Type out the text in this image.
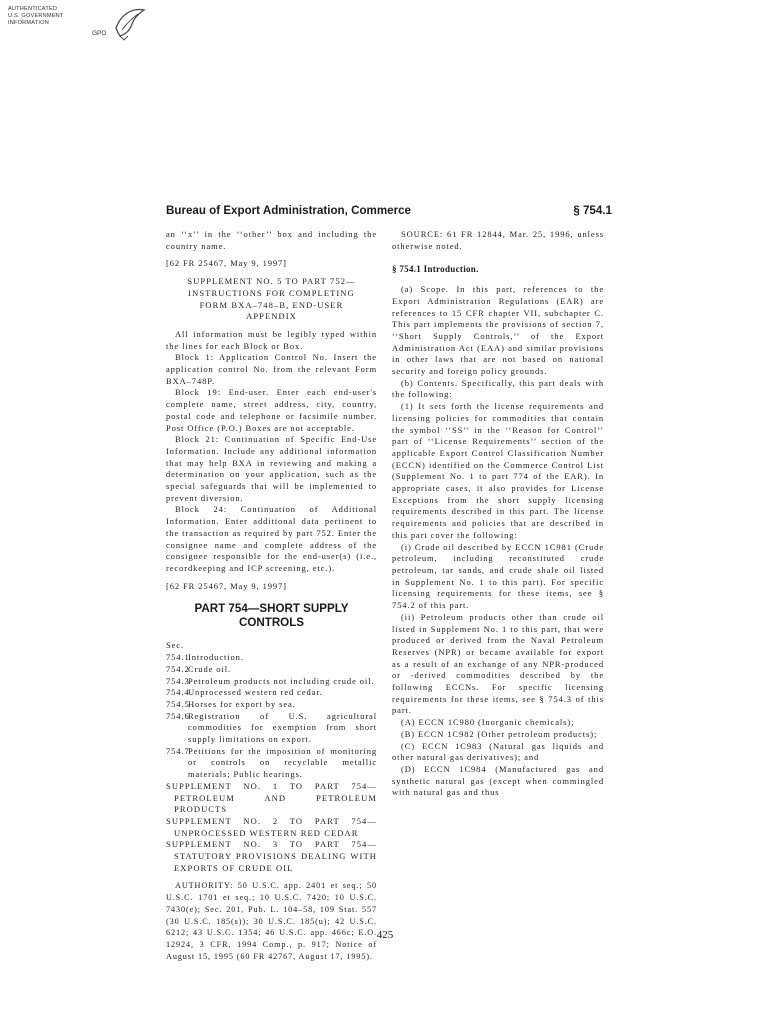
AUTHENTICATED
U.S. GOVERNMENT
INFORMATION
GPO
Bureau of Export Administration, Commerce	§ 754.1

an ‘‘x’’ in the ‘‘other’’ box and including the country name.

[62 FR 25467, May 9, 1997]

SUPPLEMENT NO. 5 TO PART 752—INSTRUCTIONS FOR COMPLETING FORM BXA–748–B, END-USER APPENDIX

All information must be legibly typed within the lines for each Block or Box.

Block 1: Application Control No. Insert the application control No. from the relevant Form BXA–748P.

Block 19: End-user. Enter each end-user's complete name, street address, city, country, postal code and telephone or facsimile number. Post Office (P.O.) Boxes are not acceptable.

Block 21: Continuation of Specific End-Use Information. Include any additional information that may help BXA in reviewing and making a determination on your application, such as the special safeguards that will be implemented to prevent diversion.

Block 24: Continuation of Additional Information. Enter additional data pertinent to the transaction as required by part 752. Enter the consignee name and complete address of the consignee responsible for the end-user(s) (i.e., recordkeeping and ICP screening, etc.).

[62 FR 25467, May 9, 1997]

PART 754—SHORT SUPPLY
CONTROLS

Sec.

754.1
Introduction.
754.2
Crude oil.
754.3
Petroleum products not including crude oil.
754.4
Unprocessed western red cedar.
754.5
Horses for export by sea.
754.6
Registration of U.S. agricultural commodities for exemption from short supply limitations on export.
754.7
Petitions for the imposition of monitoring or controls on recyclable metallic materials; Public hearings.

SUPPLEMENT NO. 1 TO PART 754—PETROLEUM AND PETROLEUM PRODUCTS

SUPPLEMENT NO. 2 TO PART 754—UNPROCESSED WESTERN RED CEDAR

SUPPLEMENT NO. 3 TO PART 754—STATUTORY PROVISIONS DEALING WITH EXPORTS OF CRUDE OIL

AUTHORITY: 50 U.S.C. app. 2401 et seq.; 50 U.S.C. 1701 et seq.; 10 U.S.C. 7420; 10 U.S.C. 7430(e); Sec. 201, Pub. L. 104–58, 109 Stat. 557 (30 U.S.C. 185(s)); 30 U.S.C. 185(u); 42 U.S.C. 6212; 43 U.S.C. 1354; 46 U.S.C. app. 466c; E.O. 12924, 3 CFR, 1994 Comp., p. 917; Notice of August 15, 1995 (60 FR 42767, August 17, 1995).

SOURCE: 61 FR 12844, Mar. 25, 1996, unless otherwise noted.

§ 754.1 Introduction.

(a) Scope. In this part, references to the Export Administration Regulations (EAR) are references to 15 CFR chapter VII, subchapter C. This part implements the provisions of section 7, ‘‘Short Supply Controls,’’ of the Export Administration Act (EAA) and similar provisions in other laws that are not based on national security and foreign policy grounds.

(b) Contents. Specifically, this part deals with the following:

(1) It sets forth the license requirements and licensing policies for commodities that contain the symbol ‘‘SS’’ in the ‘‘Reason for Control’’ part of ‘‘License Requirements’’ section of the applicable Export Control Classification Number (ECCN) identified on the Commerce Control List (Supplement No. 1 to part 774 of the EAR). In appropriate cases, it also provides for License Exceptions from the short supply licensing requirements described in this part. The license requirements and policies that are described in this part cover the following:

(i) Crude oil described by ECCN 1C981 (Crude petroleum, including reconstituted crude petroleum, tar sands, and crude shale oil listed in Supplement No. 1 to this part). For specific licensing requirements for these items, see § 754.2 of this part.

(ii) Petroleum products other than crude oil listed in Supplement No. 1 to this part, that were produced or derived from the Naval Petroleum Reserves (NPR) or became available for export as a result of an exchange of any NPR-produced or -derived commodities described by the following ECCNs. For specific licensing requirements for these items, see § 754.3 of this part.

(A) ECCN 1C980 (Inorganic chemicals);

(B) ECCN 1C982 (Other petroleum products);

(C) ECCN 1C983 (Natural gas liquids and other natural gas derivatives); and

(D) ECCN 1C984 (Manufactured gas and synthetic natural gas (except when commingled with natural gas and thus

425
